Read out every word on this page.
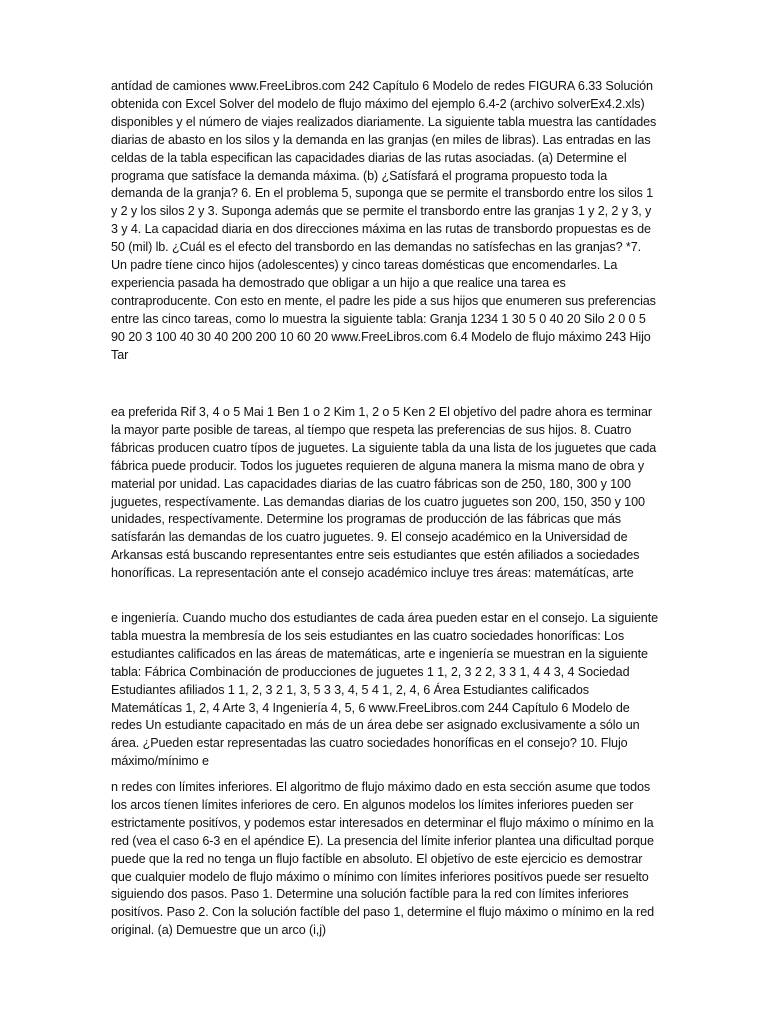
antídad de camiones www.FreeLibros.com 242 Capítulo 6 Modelo de redes FIGURA 6.33 Solución obtenida con Excel Solver del modelo de flujo máximo del ejemplo 6.4-2 (archivo solverEx4.2.xls) disponibles y el número de viajes realizados diariamente. La siguiente tabla muestra las cantídades diarias de abasto en los silos y la demanda en las granjas (en miles de libras). Las entradas en las celdas de la tabla especifican las capacidades diarias de las rutas asociadas. (a) Determine el programa que satísface la demanda máxima. (b) ¿Satísfará el programa propuesto toda la demanda de la granja? 6. En el problema 5, suponga que se permite el transbordo entre los silos 1 y 2 y los silos 2 y 3. Suponga además que se permite el transbordo entre las granjas 1 y 2, 2 y 3, y 3 y 4. La capacidad diaria en dos direcciones máxima en las rutas de transbordo propuestas es de 50 (mil) lb. ¿Cuál es el efecto del transbordo en las demandas no satísfechas en las granjas? *7. Un padre tíene cinco hijos (adolescentes) y cinco tareas domésticas que encomendarles. La experiencia pasada ha demostrado que obligar a un hijo a que realice una tarea es contraproducente. Con esto en mente, el padre les pide a sus hijos que enumeren sus preferencias entre las cinco tareas, como lo muestra la siguiente tabla: Granja 1234 1 30 5 0 40 20 Silo 2 0 0 5 90 20 3 100 40 30 40 200 200 10 60 20 www.FreeLibros.com 6.4 Modelo de flujo máximo 243 Hijo Tar

ea preferida Rif 3, 4 o 5 Mai 1 Ben 1 o 2 Kim 1, 2 o 5 Ken 2 El objetívo del padre ahora es terminar la mayor parte posible de tareas, al tíempo que respeta las preferencias de sus hijos. 8. Cuatro fábricas producen cuatro típos de juguetes. La siguiente tabla da una lista de los juguetes que cada fábrica puede producir. Todos los juguetes requieren de alguna manera la misma mano de obra y material por unidad. Las capacidades diarias de las cuatro fábricas son de 250, 180, 300 y 100 juguetes, respectívamente. Las demandas diarias de los cuatro juguetes son 200, 150, 350 y 100 unidades, respectívamente. Determine los programas de producción de las fábricas que más satísfarán las demandas de los cuatro juguetes. 9. El consejo académico en la Universidad de Arkansas está buscando representantes entre seis estudiantes que estén afiliados a sociedades honoríficas. La representación ante el consejo académico incluye tres áreas: matemátícas, arte

e ingeniería. Cuando mucho dos estudiantes de cada área pueden estar en el consejo. La siguiente tabla muestra la membresía de los seis estudiantes en las cuatro sociedades honoríficas: Los estudiantes calificados en las áreas de matemáticas, arte e ingeniería se muestran en la siguiente tabla: Fábrica Combinación de producciones de juguetes 1 1, 2, 3 2 2, 3 3 1, 4 4 3, 4 Sociedad Estudiantes afiliados 1 1, 2, 3 2 1, 3, 5 3 3, 4, 5 4 1, 2, 4, 6 Área Estudiantes calificados Matemátícas 1, 2, 4 Arte 3, 4 Ingeniería 4, 5, 6 www.FreeLibros.com 244 Capítulo 6 Modelo de redes Un estudiante capacitado en más de un área debe ser asignado exclusivamente a sólo un área. ¿Pueden estar representadas las cuatro sociedades honoríficas en el consejo? 10. Flujo máximo/mínimo e

n redes con límites inferiores. El algoritmo de flujo máximo dado en esta sección asume que todos los arcos tíenen límites inferiores de cero. En algunos modelos los límites inferiores pueden ser estrictamente positívos, y podemos estar interesados en determinar el flujo máximo o mínimo en la red (vea el caso 6-3 en el apéndice E). La presencia del límite inferior plantea una dificultad porque puede que la red no tenga un flujo factíble en absoluto. El objetívo de este ejercicio es demostrar que cualquier modelo de flujo máximo o mínimo con límites inferiores positívos puede ser resuelto siguiendo dos pasos. Paso 1. Determine una solución factíble para la red con límites inferiores positívos. Paso 2. Con la solución factíble del paso 1, determine el flujo máximo o mínimo en la red original. (a) Demuestre que un arco (i,j)
